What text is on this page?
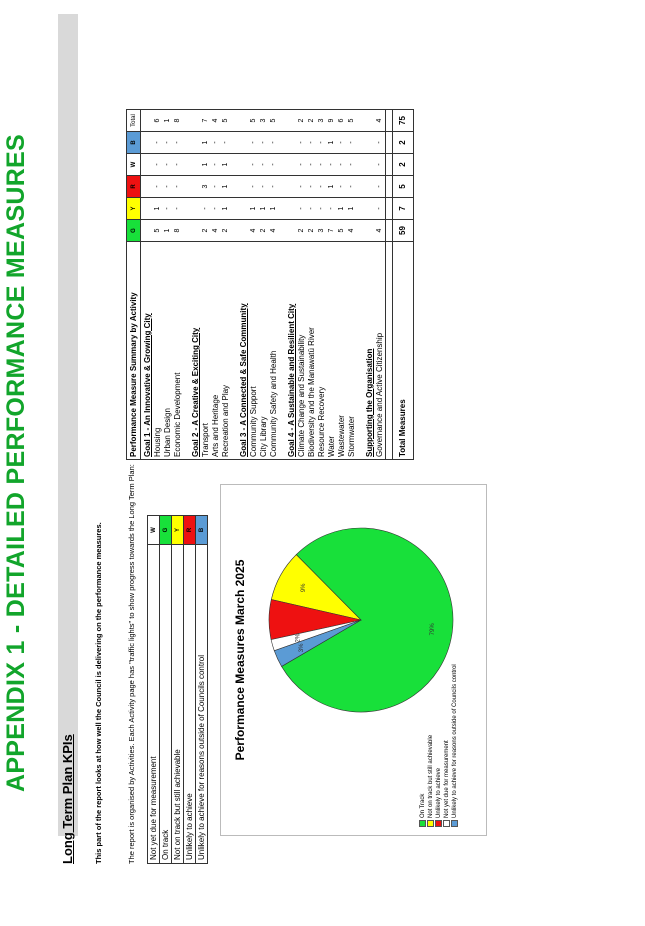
APPENDIX 1 - DETAILED PERFORMANCE MEASURES
Long Term Plan KPIs	This part of the report looks at how well the Council is delivering on the performance measures.	The report is organised by Activities. Each Activity page has "traffic lights" to show progress towards the Long Term Plan: Not yet due for measurement	W
On track	G
Not on track but still achievable	Y
Unlikely to achieve	R
Unlikely to achieve for reasons outside of Councils control	B
Performance Measures March 2025	79%
9%
2%
3%
On Track Not on track but still achievable Unlikely to achieve Not yet due for measurement Unlikely to achieve for reasons outside of Councils control
Performance Measure Summary by Activity	G	Y	R	W	B	Total
Goal 1 - An Innovative & Growing City						
Housing	5	1	-	-	-	6
Urban Design	1	-	-	-	-	1
Economic Development	8	-	-	-	-	8

Goal 2 - A Creative & Exciting City						
Transport	2	-	3	1	1	7
Arts and Heritage	4	-	-	-	-	4
Recreation and Play	2	1	1	1	-	5

Goal 3 - A Connected & Safe Community						
Community Support	4	1	-	-	-	5
City Library	2	1	-	-	-	3
Community Safety and Health	4	1	-	-	-	5

Goal 4 - A Sustainable and Resilient City						
Climate Change and Sustainability	2	-	-	-	-	2
Biodiversity and the Manawatū River	2	-	-	-	-	2
Resource Recovery	3	-	-	-	-	3
Water	7	-	1	-	1	9
Wastewater	5	1	-	-	-	6
Stormwater	4	1	-	-	-	5

Supporting the Organisation						
Governance and Active Citizenship	4	-	-	-	-	4

Total Measures	59	7	5	2	2	75
